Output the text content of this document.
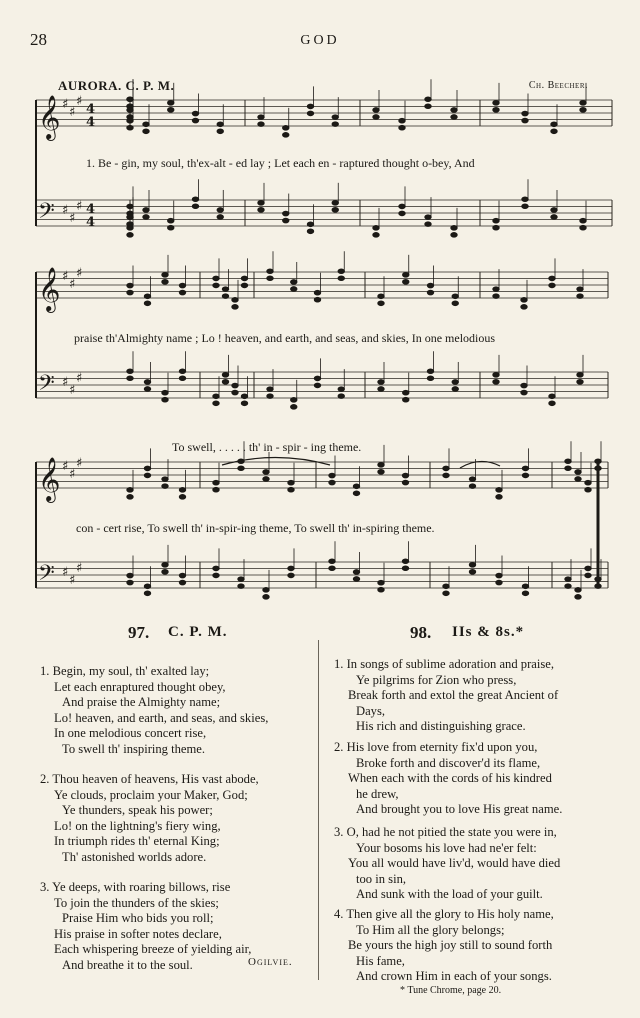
28	GOD
AURORA. C. P. M.	Ch. Beecher.
𝄞 ♯
♯
♯
4
4
𝄢 ♯
♯
♯ 4
4
𝄞 ♯
♯
♯
𝄢 ♯
♯
♯
𝄞 ♯
♯
♯
𝄢 ♯
♯
♯
1. Be - gin, my soul, th'ex-alt - ed lay ; Let each en - raptured thought o-bey, And
praise th'Almighty name ; Lo ! heaven, and earth, and seas, and skies, In one melodious
To swell, . . . . . th' in - spir - ing theme.
con - cert rise, To swell th' in-spir-ing theme, To swell th' in-spiring theme.
97. C. P. M.	98. IIs & 8s.*
1. Begin, my soul, th' exalted lay;
Let each enraptured thought obey,
And praise the Almighty name;
Lo! heaven, and earth, and seas, and skies,
In one melodious concert rise,
To swell th' inspiring theme.
2. Thou heaven of heavens, His vast abode,
Ye clouds, proclaim your Maker, God;
Ye thunders, speak his power;
Lo! on the lightning's fiery wing,
In triumph rides th' eternal King;
Th' astonished worlds adore.
3. Ye deeps, with roaring billows, rise
To join the thunders of the skies;
Praise Him who bids you roll;
His praise in softer notes declare,
Each whispering breeze of yielding air,
And breathe it to the soul.	Ogilvie.
1. In songs of sublime adoration and praise,
Ye pilgrims for Zion who press,
Break forth and extol the great Ancient of
Days,
His rich and distinguishing grace.
2. His love from eternity fix'd upon you,
Broke forth and discover'd its flame,
When each with the cords of his kindred
he drew,
And brought you to love His great name.
3. O, had he not pitied the state you were in,
Your bosoms his love had ne'er felt:
You all would have liv'd, would have died
too in sin,
And sunk with the load of your guilt.
4. Then give all the glory to His holy name,
To Him all the glory belongs;
Be yours the high joy still to sound forth
His fame,
And crown Him in each of your songs.
* Tune Chrome, page 20.
